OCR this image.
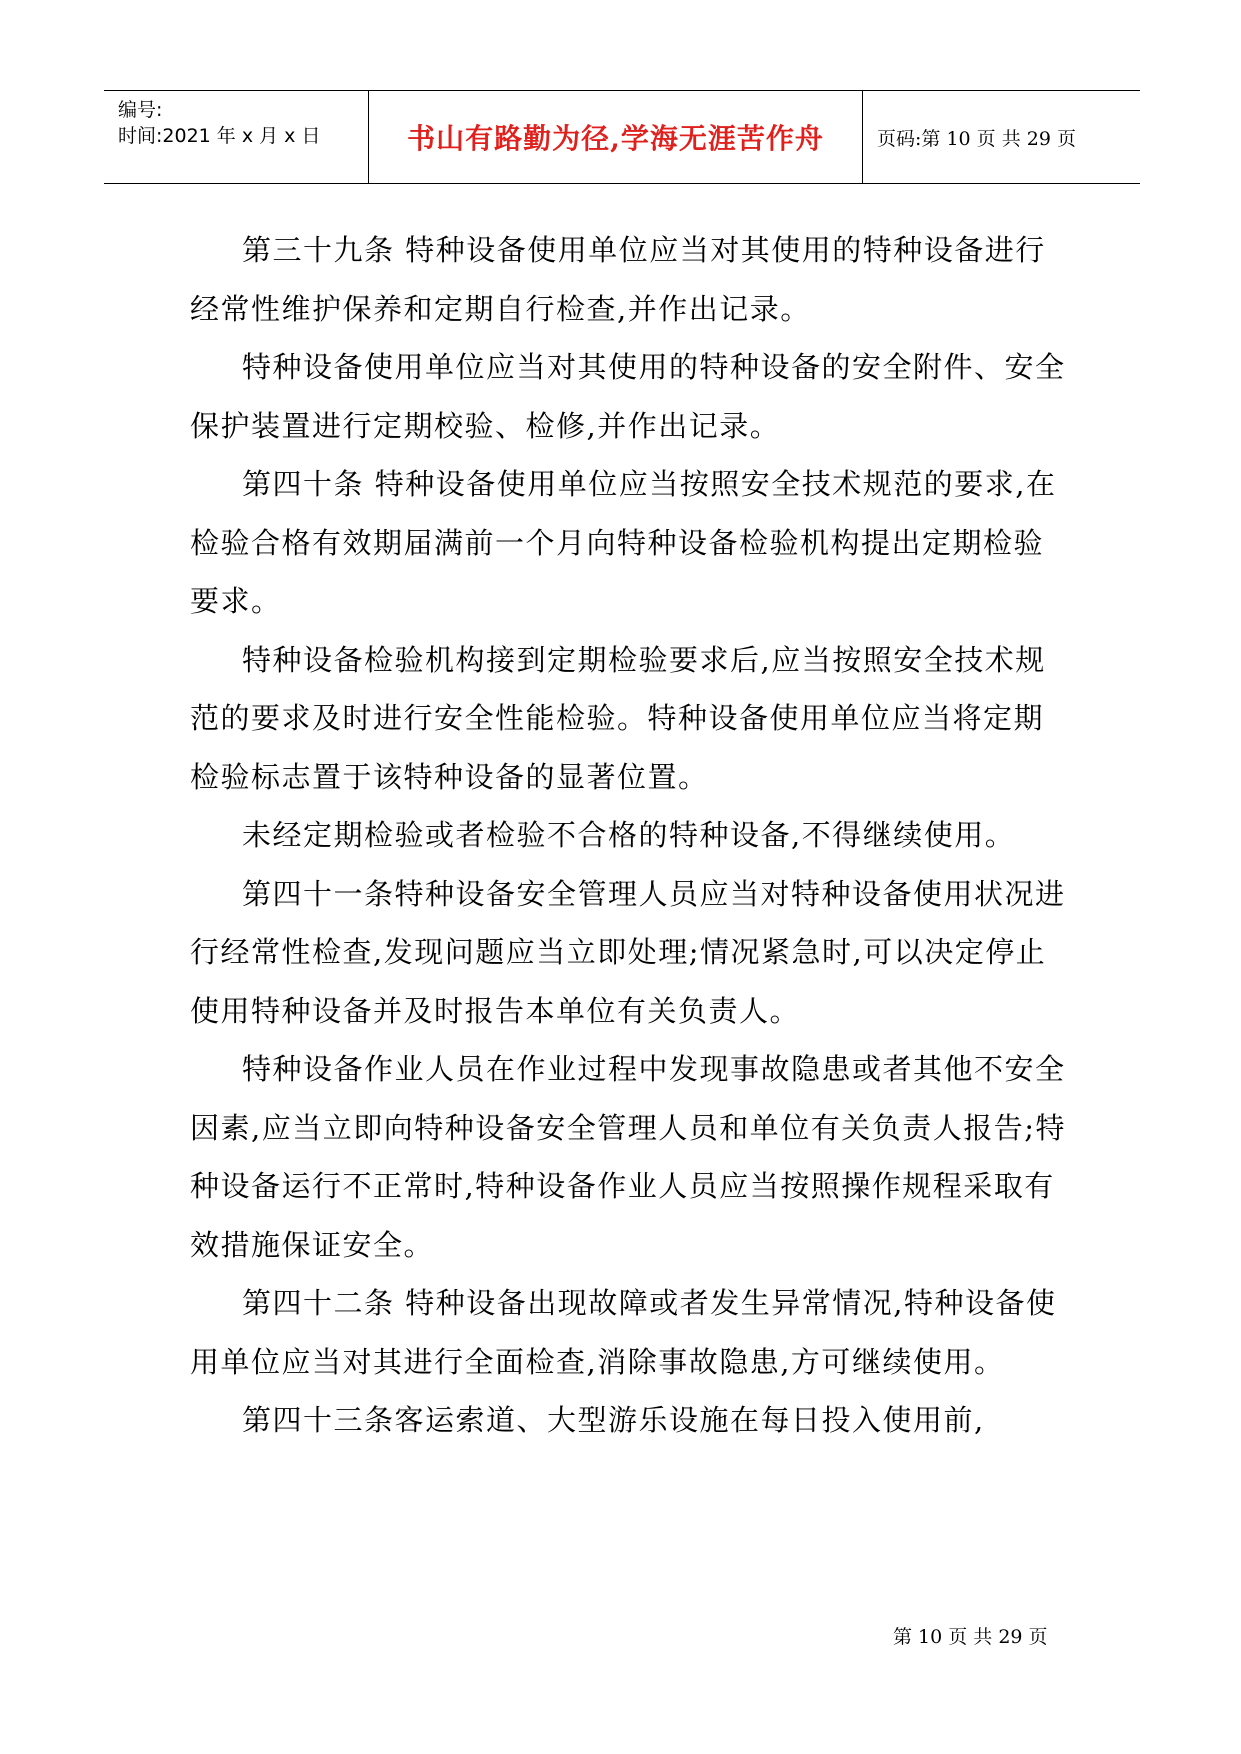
编号:
时间:2021 年 x 月 x 日	书山有路勤为径,学海无涯苦作舟	页码:第 10 页 共 29 页

第三十九条 特种设备使用单位应当对其使用的特种设备进行经常性维护保养和定期自行检查,并作出记录。

特种设备使用单位应当对其使用的特种设备的安全附件、安全保护装置进行定期校验、检修,并作出记录。

第四十条 特种设备使用单位应当按照安全技术规范的要求,在检验合格有效期届满前一个月向特种设备检验机构提出定期检验要求。

特种设备检验机构接到定期检验要求后,应当按照安全技术规范的要求及时进行安全性能检验。特种设备使用单位应当将定期检验标志置于该特种设备的显著位置。

未经定期检验或者检验不合格的特种设备,不得继续使用。

第四十一条特种设备安全管理人员应当对特种设备使用状况进行经常性检查,发现问题应当立即处理;情况紧急时,可以决定停止使用特种设备并及时报告本单位有关负责人。

特种设备作业人员在作业过程中发现事故隐患或者其他不安全因素,应当立即向特种设备安全管理人员和单位有关负责人报告;特种设备运行不正常时,特种设备作业人员应当按照操作规程采取有效措施保证安全。

第四十二条 特种设备出现故障或者发生异常情况,特种设备使用单位应当对其进行全面检查,消除事故隐患,方可继续使用。

第四十三条客运索道、大型游乐设施在每日投入使用前,

第 10 页 共 29 页
